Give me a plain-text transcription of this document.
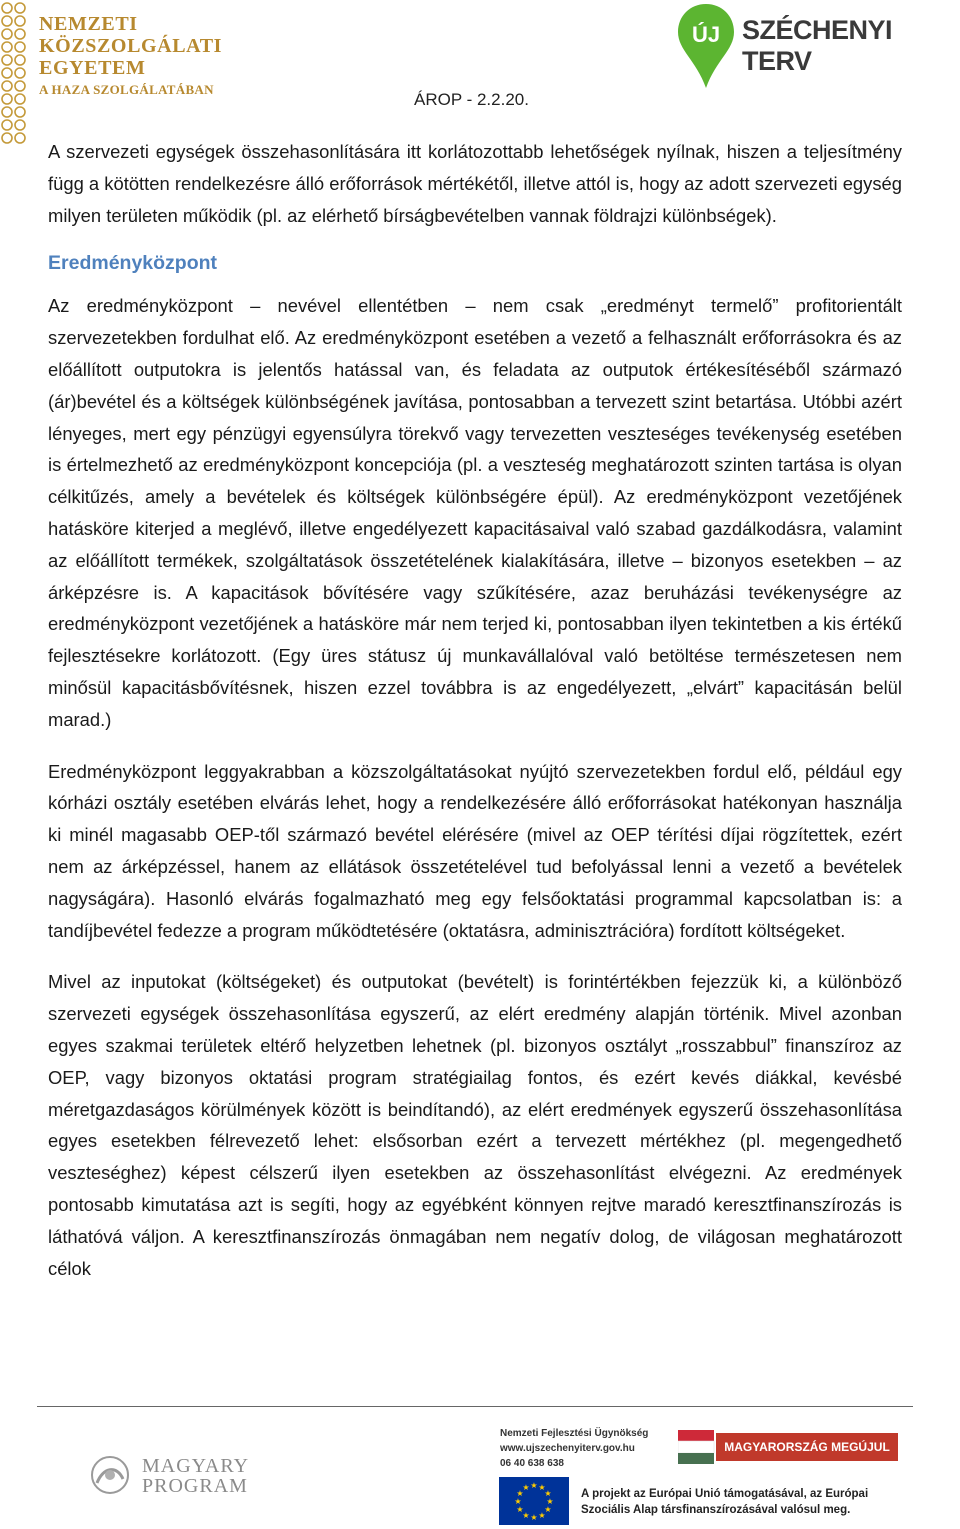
NEMZETI
KÖZSZOLGÁLATI
EGYETEM
A HAZA SZOLGÁLATÁBAN
ÚJ SZÉCHENYI TERV
ÁROP - 2.2.20.

A szervezeti egységek összehasonlítására itt korlátozottabb lehetőségek nyílnak, hiszen a teljesítmény függ a kötötten rendelkezésre álló erőforrások mértékétől, illetve attól is, hogy az adott szervezeti egység milyen területen működik (pl. az elérhető bírságbevételben vannak földrajzi különbségek).

Eredményközpont

Az eredményközpont – nevével ellentétben – nem csak „eredményt termelő” profitorientált szervezetekben fordulhat elő. Az eredményközpont esetében a vezető a felhasznált erőforrásokra és az előállított outputokra is jelentős hatással van, és feladata az outputok értékesítéséből származó (ár)bevétel és a költségek különbségének javítása, pontosabban a tervezett szint betartása. Utóbbi azért lényeges, mert egy pénzügyi egyensúlyra törekvő vagy tervezetten veszteséges tevékenység esetében is értelmezhető az eredményközpont koncepciója (pl. a veszteség meghatározott szinten tartása is olyan célkitűzés, amely a bevételek és költségek különbségére épül). Az eredményközpont vezetőjének hatásköre kiterjed a meglévő, illetve engedélyezett kapacitásaival való szabad gazdálkodásra, valamint az előállított termékek, szolgáltatások összetételének kialakítására, illetve – bizonyos esetekben – az árképzésre is. A kapacitások bővítésére vagy szűkítésére, azaz beruházási tevékenységre az eredményközpont vezetőjének a hatásköre már nem terjed ki, pontosabban ilyen tekintetben a kis értékű fejlesztésekre korlátozott. (Egy üres státusz új munkavállalóval való betöltése természetesen nem minősül kapacitásbővítésnek, hiszen ezzel továbbra is az engedélyezett, „elvárt” kapacitásán belül marad.)

Eredményközpont leggyakrabban a közszolgáltatásokat nyújtó szervezetekben fordul elő, például egy kórházi osztály esetében elvárás lehet, hogy a rendelkezésére álló erőforrásokat hatékonyan használja ki minél magasabb OEP-től származó bevétel elérésére (mivel az OEP térítési díjai rögzítettek, ezért nem az árképzéssel, hanem az ellátások összetételével tud befolyással lenni a vezető a bevételek nagyságára). Hasonló elvárás fogalmazható meg egy felsőoktatási programmal kapcsolatban is: a tandíjbevétel fedezze a program működtetésére (oktatásra, adminisztrációra) fordított költségeket.

Mivel az inputokat (költségeket) és outputokat (bevételt) is forintértékben fejezzük ki, a különböző szervezeti egységek összehasonlítása egyszerű, az elért eredmény alapján történik. Mivel azonban egyes szakmai területek eltérő helyzetben lehetnek (pl. bizonyos osztályt „rosszabbul” finanszíroz az OEP, vagy bizonyos oktatási program stratégiailag fontos, és ezért kevés diákkal, kevésbé méretgazdaságos körülmények között is beindítandó), az elért eredmények egyszerű összehasonlítása egyes esetekben félrevezető lehet: elsősorban ezért a tervezett mértékhez (pl. megengedhető veszteséghez) képest célszerű ilyen esetekben az összehasonlítást elvégezni. Az eredmények pontosabb kimutatása azt is segíti, hogy az egyébként könnyen rejtve maradó keresztfinanszírozás is láthatóvá váljon. A keresztfinanszírozás önmagában nem negatív dolog, de világosan meghatározott célok

MAGYARY
PROGRAM
Nemzeti Fejlesztési Ügynökség
www.ujszechenyiterv.gov.hu
06 40 638 638
MAGYARORSZÁG MEGÚJUL
★ ★
★
★
★
★
★
★
★
★
★
★
A projekt az Európai Unió támogatásával, az Európai
Szociális Alap társfinanszírozásával valósul meg.
